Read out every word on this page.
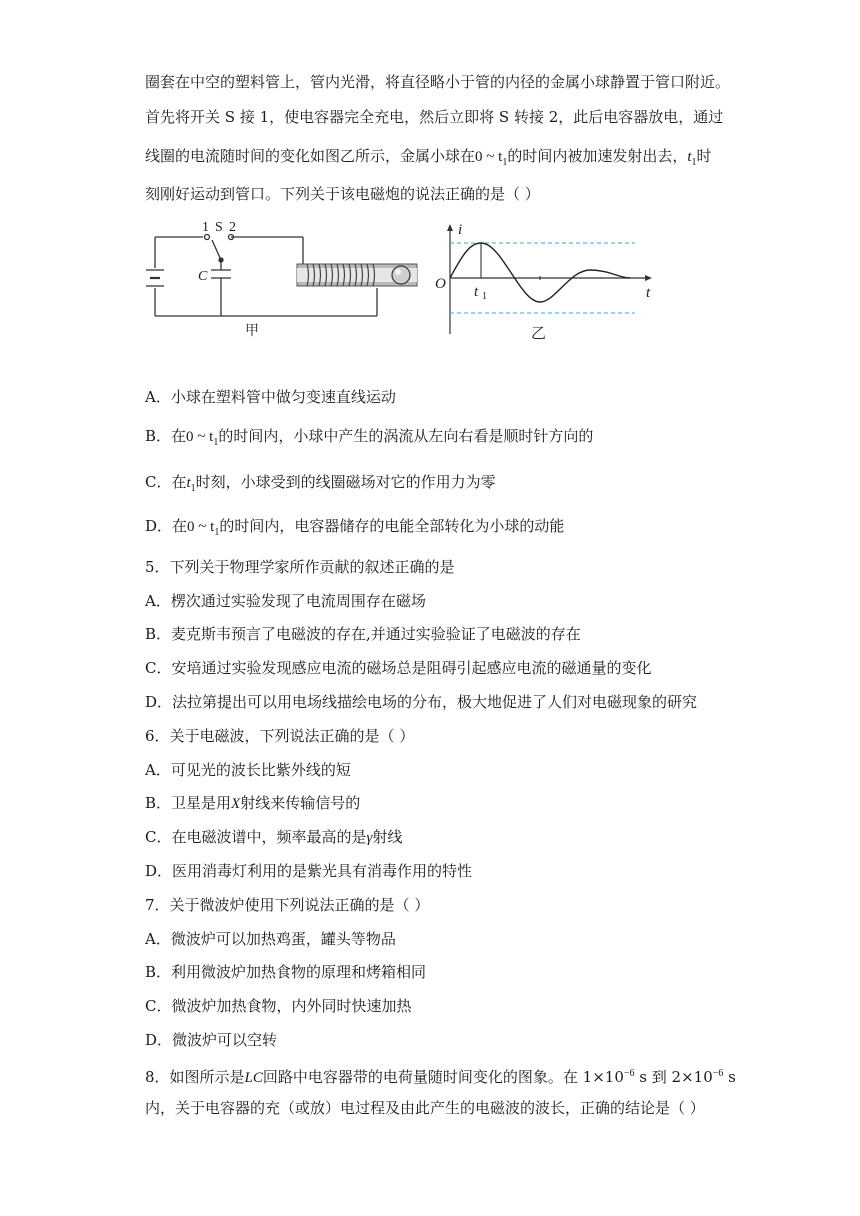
圈套在中空的塑料管上，管内光滑，将直径略小于管的内径的金属小球静置于管口附近。
首先将开关 S 接 1，使电容器完全充电，然后立即将 S 转接 2，此后电容器放电，通过
线圈的电流随时间的变化如图乙所示，金属小球在0 ~ $t_1$的时间内被加速发射出去，$t_1$时
刻刚好运动到管口。下列关于该电磁炮的说法正确的是（ ）
1 S 2
C
甲
i
t
O t 1
乙
A．小球在塑料管中做匀变速直线运动
B．在0 ~ $t_1$的时间内，小球中产生的涡流从左向右看是顺时针方向的
C．在$t_1$时刻，小球受到的线圈磁场对它的作用力为零
D．在0 ~ $t_1$的时间内，电容器储存的电能全部转化为小球的动能
5．下列关于物理学家所作贡献的叙述正确的是
A．楞次通过实验发现了电流周围存在磁场
B．麦克斯韦预言了电磁波的存在,并通过实验验证了电磁波的存在
C．安培通过实验发现感应电流的磁场总是阻碍引起感应电流的磁通量的变化
D．法拉第提出可以用电场线描绘电场的分布，极大地促进了人们对电磁现象的研究
6．关于电磁波，下列说法正确的是（ ）
A．可见光的波长比紫外线的短
B．卫星是用X射线来传输信号的
C．在电磁波谱中，频率最高的是γ射线
D．医用消毒灯利用的是紫光具有消毒作用的特性
7．关于微波炉使用下列说法正确的是（ ）
A．微波炉可以加热鸡蛋，罐头等物品
B．利用微波炉加热食物的原理和烤箱相同
C．微波炉加热食物，内外同时快速加热
D．微波炉可以空转
8．如图所示是LC回路中电容器带的电荷量随时间变化的图象。在 $1\times 10^{-6}$ s 到 $2\times 10^{-6}$ s
内，关于电容器的充（或放）电过程及由此产生的电磁波的波长，正确的结论是（ ）
